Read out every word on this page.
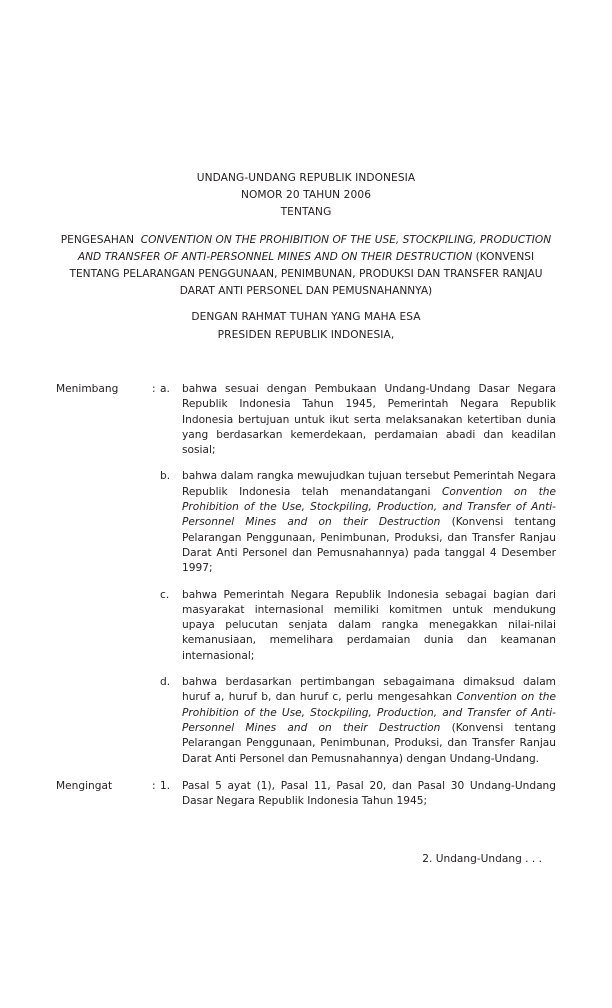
UNDANG-UNDANG REPUBLIK INDONESIA
NOMOR 20 TAHUN 2006
TENTANG
PENGESAHAN CONVENTION ON THE PROHIBITION OF THE USE, STOCKPILING, PRODUCTION AND TRANSFER OF ANTI-PERSONNEL MINES AND ON THEIR DESTRUCTION (KONVENSI TENTANG PELARANGAN PENGGUNAAN, PENIMBUNAN, PRODUKSI DAN TRANSFER RANJAU DARAT ANTI PERSONEL DAN PEMUSNAHANNYA)
DENGAN RAHMAT TUHAN YANG MAHA ESA
PRESIDEN REPUBLIK INDONESIA,
Menimbang	: a.	bahwa sesuai dengan Pembukaan Undang-Undang Dasar Negara Republik Indonesia Tahun 1945, Pemerintah Negara Republik Indonesia bertujuan untuk ikut serta melaksanakan ketertiban dunia yang berdasarkan kemerdekaan, perdamaian abadi dan keadilan sosial;
b.	bahwa dalam rangka mewujudkan tujuan tersebut Pemerintah Negara Republik Indonesia telah menandatangani Convention on the Prohibition of the Use, Stockpiling, Production, and Transfer of Anti-Personnel Mines and on their Destruction (Konvensi tentang Pelarangan Penggunaan, Penimbunan, Produksi, dan Transfer Ranjau Darat Anti Personel dan Pemusnahannya) pada tanggal 4 Desember 1997;
c.	bahwa Pemerintah Negara Republik Indonesia sebagai bagian dari masyarakat internasional memiliki komitmen untuk mendukung upaya pelucutan senjata dalam rangka menegakkan nilai-nilai kemanusiaan, memelihara perdamaian dunia dan keamanan internasional;
d.	bahwa berdasarkan pertimbangan sebagaimana dimaksud dalam huruf a, huruf b, dan huruf c, perlu mengesahkan Convention on the Prohibition of the Use, Stockpiling, Production, and Transfer of Anti-Personnel Mines and on their Destruction (Konvensi tentang Pelarangan Penggunaan, Penimbunan, Produksi, dan Transfer Ranjau Darat Anti Personel dan Pemusnahannya) dengan Undang-Undang.
Mengingat	: 1.	Pasal 5 ayat (1), Pasal 11, Pasal 20, dan Pasal 30 Undang-Undang Dasar Negara Republik Indonesia Tahun 1945;
2. Undang-Undang . . .
